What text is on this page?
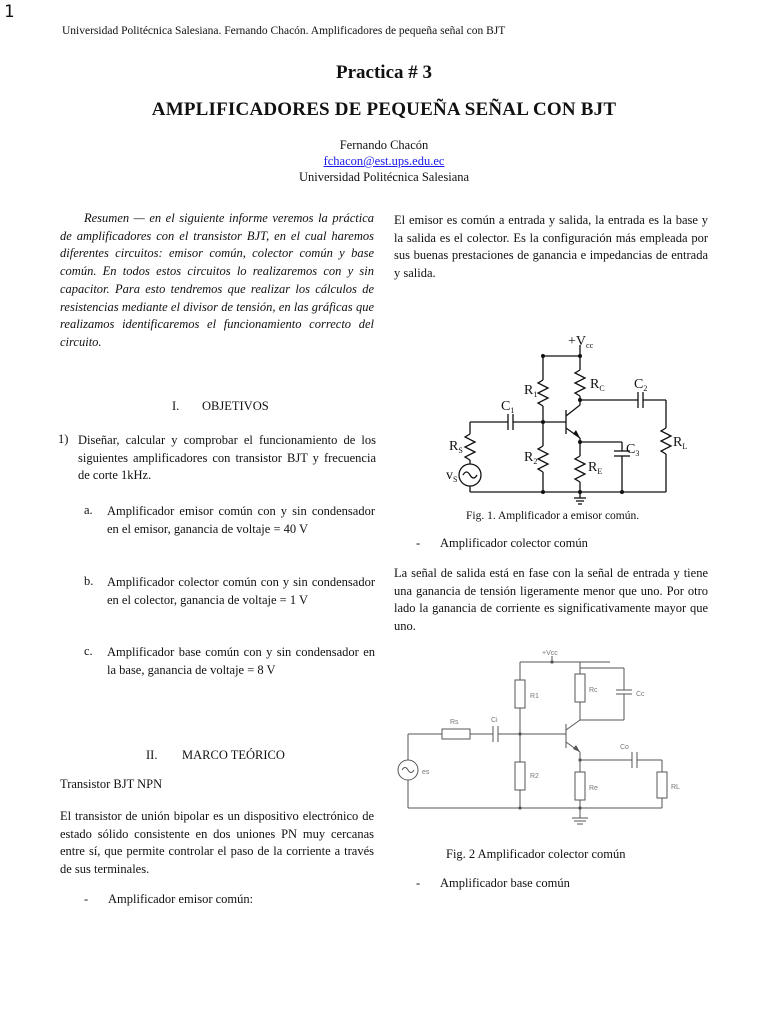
1
Universidad Politécnica Salesiana. Fernando Chacón. Amplificadores de pequeña señal con BJT
Practica # 3
AMPLIFICADORES DE PEQUEÑA SEÑAL CON BJT
Fernando Chacón
fchacon@est.ups.edu.ec
Universidad Politécnica Salesiana
Resumen — en el siguiente informe veremos la práctica de amplificadores con el transistor BJT, en el cual haremos diferentes circuitos: emisor común, colector común y base común. En todos estos circuitos lo realizaremos con y sin capacitor. Para esto tendremos que realizar los cálculos de resistencias mediante el divisor de tensión, en las gráficas que realizamos identificaremos el funcionamiento correcto del circuito.
I. OBJETIVOS
1) Diseñar, calcular y comprobar el funcionamiento de los siguientes amplificadores con transistor BJT y frecuencia de corte 1kHz.
a. Amplificador emisor común con y sin condensador en el emisor, ganancia de voltaje = 40 V
b. Amplificador colector común con y sin condensador en el colector, ganancia de voltaje = 1 V
c. Amplificador base común con y sin condensador en la base, ganancia de voltaje = 8 V
II. MARCO TEÓRICO
Transistor BJT NPN
El transistor de unión bipolar es un dispositivo electrónico de estado sólido consistente en dos uniones PN muy cercanas entre sí, que permite controlar el paso de la corriente a través de sus terminales.
- Amplificador emisor común:
El emisor es común a entrada y salida, la entrada es la base y la salida es el colector. Es la configuración más empleada por sus buenas prestaciones de ganancia e impedancias de entrada y salida.
$+V_{cc}$
$R_1$
$R_C$
$C_1$
$C_2$
$R_S$
$v_S$
$R_2$	$R_E$
$C_3$
$R_L$
Fig. 1. Amplificador a emisor común.
- Amplificador colector común
La señal de salida está en fase con la señal de entrada y tiene una ganancia de tensión ligeramente menor que uno. Por otro lado la ganancia de corriente es significativamente mayor que uno.
+Vcc
R1
Rc
Cc
Rs	Ci
Co
es
R2
Re	RL
Fig. 2 Amplificador colector común
- Amplificador base común
